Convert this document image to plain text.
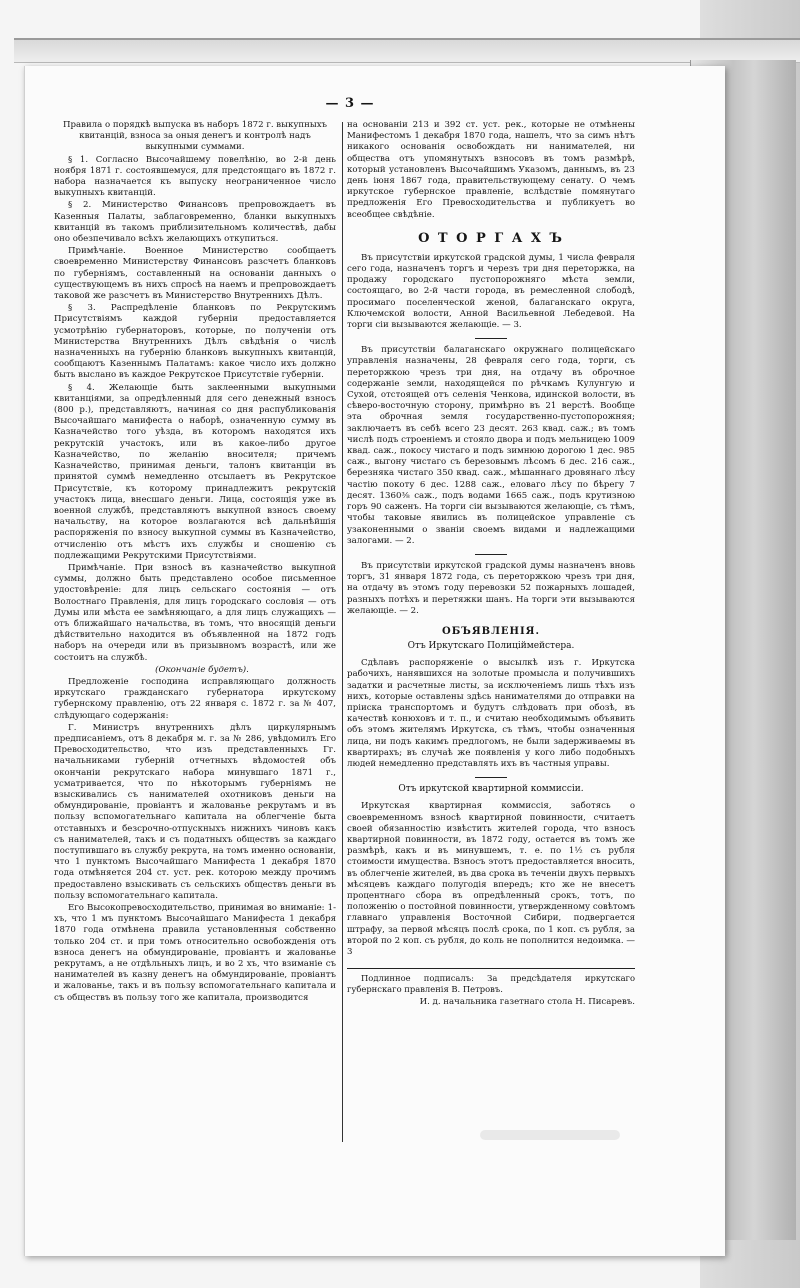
— 3 —

Правила о порядкѣ выпуска въ наборъ 1872 г. выкупныхъ квитанцiй, взноса за оныя денегъ и контролѣ надъ выкупными суммами.

§ 1. Согласно Высочайшему повелѣнiю, во 2-й день ноября 1871 г. состоявшемуся, для предстоящаго въ 1872 г. набора назначается къ выпуску неограниченное число выкупныхъ квитанцiй.

§ 2. Министерство Финансовъ препровождаетъ въ Казенныя Палаты, заблаговременно, бланки выкупныхъ квитанцiй въ такомъ приблизительномъ количествѣ, дабы оно обезпечивало всѣхъ желающихъ откупиться.

Примѣчанiе. Военное Министерство сообщаетъ своевременно Министерству Финансовъ разсчетъ бланковъ по губернiямъ, составленный на основанiи данныхъ о существующемъ въ нихъ спросѣ на наемъ и препровождаетъ таковой же разсчетъ въ Министерство Внутреннихъ Дѣлъ.

§ 3. Распредѣленiе бланковъ по Рекрутскимъ Присутствiямъ каждой губернiи предоставляется усмотрѣнiю губернаторовъ, которые, по полученiи отъ Министерства Внутреннихъ Дѣлъ свѣдѣнiя о числѣ назначенныхъ на губернiю бланковъ выкупныхъ квитанцiй, сообщаютъ Казеннымъ Палатамъ: какое число ихъ должно быть выслано въ каждое Рекрутское Присутствiе губернiи.

§ 4. Желающiе быть заклеенными выкупными квитанцiями, за опредѣленный для сего денежный взносъ (800 р.), представляютъ, начиная со дня распубликованiя Высочайшаго манифеста о наборѣ, означенную сумму въ Казначейство того уѣзда, въ которомъ находятся ихъ рекрутскiй участокъ, или въ какое-либо другое Казначейство, по желанiю вносителя; причемъ Казначейство, принимая деньги, талонъ квитанцiи въ принятой суммѣ немедленно отсылаетъ въ Рекрутское Присутствiе, къ которому принадлежитъ рекрутскiй участокъ лица, внесшаго деньги. Лица, состоящiя уже въ военной службѣ, представляютъ выкупной взносъ своему начальству, на которое возлагаются всѣ дальнѣйшiя распоряженiя по взносу выкупной суммы въ Казначейство, отчисленiю отъ мѣстъ ихъ службы и сношенiю съ подлежащими Рекрутскими Присутствiями.

Примѣчанiе. При взносѣ въ казначейство выкупной суммы, должно быть представлено особое письменное удостовѣренiе: для лицъ сельскаго состоянiя — отъ Волостнаго Правленiя, для лицъ городскаго сословiя — отъ Думы или мѣста ее замѣняющаго, а для лицъ служащихъ — отъ ближайшаго начальства, въ томъ, что вносящiй деньги дѣйствительно находится въ объявленной на 1872 годъ наборъ на очереди или въ призывномъ возрастѣ, или же состоитъ на службѣ.

(Окончанiе будетъ).

Предложенiе господина исправляющаго должность иркутскаго гражданскаго губернатора иркутскому губернскому правленiю, отъ 22 января с. 1872 г. за № 407, слѣдующаго содержанiя:

Г. Министръ внутреннихъ дѣлъ циркулярнымъ предписанiемъ, отъ 8 декабря м. г. за № 286, увѣдомилъ Его Превосходительство, что изъ представленныхъ Гг. начальниками губернiй отчетныхъ вѣдомостей объ окончанiи рекрутскаго набора минувшаго 1871 г., усматривается, что по нѣкоторымъ губернiямъ не взыскивались съ нанимателей охотниковъ деньги на обмундированiе, провiантъ и жалованье рекрутамъ и въ пользу вспомогательнаго капитала на облегченiе быта отставныхъ и безсрочно-отпускныхъ нижнихъ чиновъ какъ съ нанимателей, такъ и съ податныхъ обществъ за каждаго поступившаго въ службу рекрута, на томъ именно основанiи, что 1 пунктомъ Высочайшаго Манифеста 1 декабря 1870 года отмѣняется 204 ст. уст. рек. которою между прочимъ предоставлено взыскивать съ сельскихъ обществъ деньги въ пользу вспомогательнаго капитала.

Его Высокопревосходительство, принимая во вниманiе: 1-хъ, что 1 мъ пунктомъ Высочайшаго Манифеста 1 декабря 1870 года отмѣнена правила установленныя собственно только 204 ст. и при томъ относительно освобожденiя отъ взноса денегъ на обмундированiе, провiантъ и жалованье рекрутамъ, а не отдѣльныхъ лицъ, и во 2 хъ, что взиманiе съ нанимателей въ казну денегъ на обмундированiе, провiантъ и жалованье, такъ и въ пользу вспомогательнаго капитала и съ обществъ въ пользу того же капитала, производится

на основанiи 213 и 392 ст. уст. рек., которые не отмѣнены Манифестомъ 1 декабря 1870 года, нашелъ, что за симъ нѣтъ никакого основанiя освобождать ни нанимателей, ни общества отъ упомянутыхъ взносовъ въ томъ размѣрѣ, который установленъ Высочайшимъ Указомъ, даннымъ, въ 23 день iюня 1867 года, правительствующему сенату. О чемъ иркутское губернское правленiе, вслѣдствiе помянутаго предложенiя Его Превосходительства и публикуетъ во всеобщее свѣдѣнiе.

О Т О Р Г А Х Ъ

Въ присутствiи иркутской градской думы, 1 числа февраля сего года, назначенъ торгъ и черезъ три дня переторжка, на продажу городскаго пустопорожняго мѣста земли, состоящаго, во 2-й части города, въ ремесленной слободѣ, просимаго поселенческой женой, балаганскаго округа, Ключемской волости, Анной Васильевной Лебедевой. На торги сiи вызываются желающiе. — 3.

Въ присутствiи балаганскаго окружнаго полицейскаго управленiя назначены, 28 февраля сего года, торги, съ переторжкою чрезъ три дня, на отдачу въ оброчное содержанiе земли, находящейся по рѣчкамъ Кулунгую и Сухой, отстоящей отъ селенiя Ченкова, идинской волости, въ сѣверо-восточную сторону, примѣрно въ 21 верстѣ. Вообще эта оброчная земля государственно-пустопорожняя; заключаетъ въ себѣ всего 23 десят. 263 квад. саж.; въ томъ числѣ подъ строенiемъ и стояло двора и подъ мельницею 1009 квад. саж., покосу чистаго и подъ зимнюю дорогою 1 дес. 985 саж., выгону чистаго съ березовымъ лѣсомъ 6 дес. 216 саж., березняка чистаго 350 квад. саж., мѣшаннаго дровянаго лѣсу частiю покоту 6 дес. 1288 саж., еловаго лѣсу по бѣрегу 7 десят. 1360⅜ саж., подъ водами 1665 саж., подъ крутизною горъ 90 саженъ. На торги сiи вызываются желающiе, съ тѣмъ, чтобы таковые явились въ полицейское управленiе съ узаконенными о званiи своемъ видами и надлежащими залогами. — 2.

Въ присутствiи иркутской градской думы назначенъ вновь торгъ, 31 января 1872 года, съ переторжкою чрезъ три дня, на отдачу въ этомъ году перевозки 52 пожарныхъ лошадей, разныхъ потѣхъ и перетяжки шанъ. На торги эти вызываются желающiе. — 2.

ОБЪЯВЛЕНIЯ.
Отъ Иркутскаго Полицiймейстера.

Сдѣлавъ распоряженiе о высылкѣ изъ г. Иркутска рабочихъ, нанявшихся на золотые промысла и получившихъ задатки и расчетные листы, за исключенiемъ лишь тѣхъ изъ нихъ, которые оставлены здѣсь нанимателями до отправки на прiиска транспортомъ и будутъ слѣдовать при обозѣ, въ качествѣ конюховъ и т. п., и считаю необходимымъ объявить объ этомъ жителямъ Иркутска, съ тѣмъ, чтобы означенныя лица, ни подъ какимъ предлогомъ, не были задерживаемы въ квартирахъ; въ случаѣ же появленiя у кого либо подобныхъ людей немедленно представлять ихъ въ частныя управы.

Отъ иркутской квартирной коммиссiи.

Иркутская квартирная коммиссiя, заботясь о своевременномъ взносѣ квартирной повинности, считаетъ своей обязанностiю извѣстить жителей города, что взносъ квартирной повинности, въ 1872 году, остается въ томъ же размѣрѣ, какъ и въ минувшемъ, т. е. по 1½ съ рубля стоимости имущества. Взносъ этотъ предоставляется вносить, въ облегченiе жителей, въ два срока въ теченiи двухъ первыхъ мѣсяцевъ каждаго полугодiя впередъ; кто же не внесетъ процентнаго сбора въ опредѣленный срокъ, тотъ, по положенiю о постойной повинности, утвержденному совѣтомъ главнаго управленiя Восточной Сибири, подвергается штрафу, за первой мѣсяцъ послѣ срока, по 1 коп. съ рубля, за второй по 2 коп. съ рубля, до коль не пополнится недоимка. — 3

Подлинное подписалъ: За предсѣдателя иркутскаго губернскаго правленiя В. Петровъ.

И. д. начальника газетнаго стола Н. Писаревъ.
